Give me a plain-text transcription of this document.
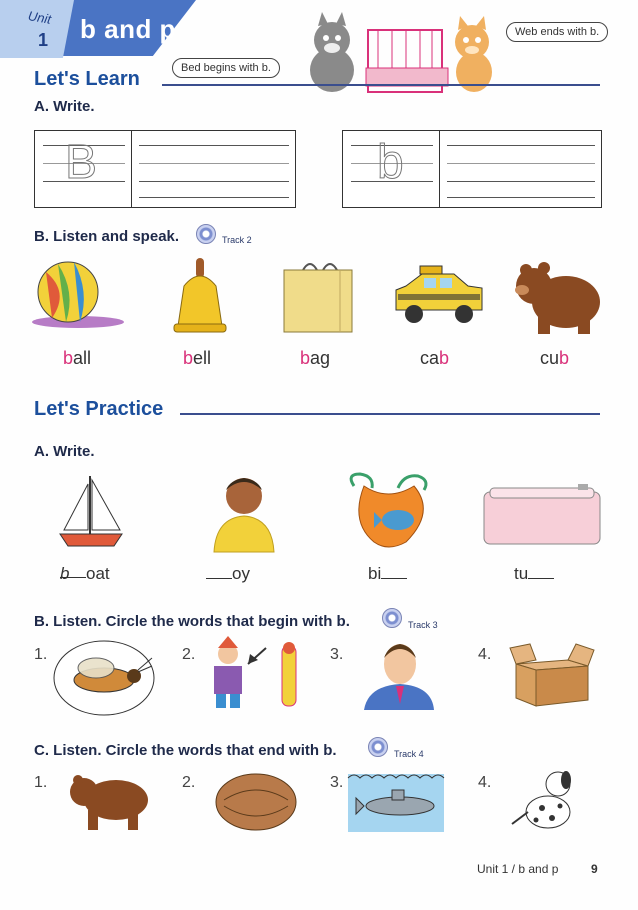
Unit
1 b and p
Bed begins with b.
Web ends with b.
Let's Learn
A. Write.
B	b
B. Listen and speak.	Track 2
ball	bell	bag	cab	cub
Let's Practice
A. Write.
b oat	oy	bi	tu
B. Listen. Circle the words that begin with b.	Track 3
1.	2.	3.	4.
C. Listen. Circle the words that end with b.	Track 4
1.	2.	3.	4.
Unit 1 / b and p	9
